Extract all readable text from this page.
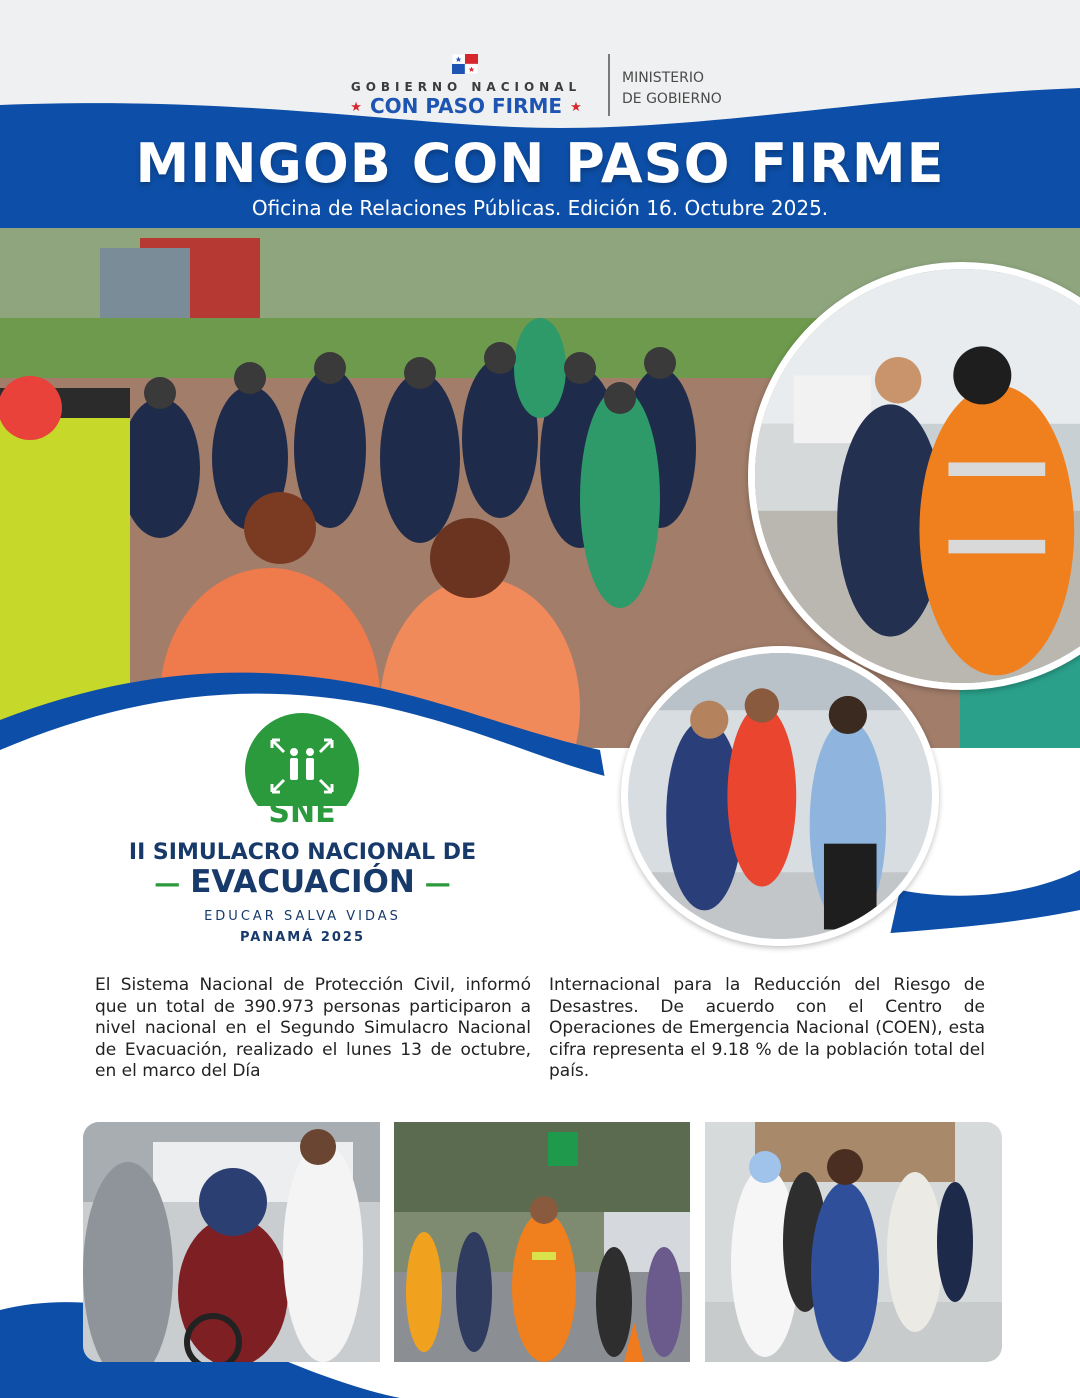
GOBIERNO NACIONAL
★ CON PASO FIRME ★
MINISTERIO
DE GOBIERNO
MINGOB CON PASO FIRME
Oficina de Relaciones Públicas. Edición 16. Octubre 2025.
SNE
II SIMULACRO NACIONAL DE
— EVACUACIÓN —
EDUCAR SALVA VIDAS
PANAMÁ 2025

El Sistema Nacional de Protección Civil, informó que un total de 390.973 personas participaron a nivel nacional en el Segundo Simulacro Nacional de Evacuación, realizado el lunes 13 de octubre, en el marco del Día

Internacional para la Reducción del Riesgo de Desastres. De acuerdo con el Centro de Operaciones de Emergencia Nacional (COEN), esta cifra representa el 9.18 % de la población total del país.
